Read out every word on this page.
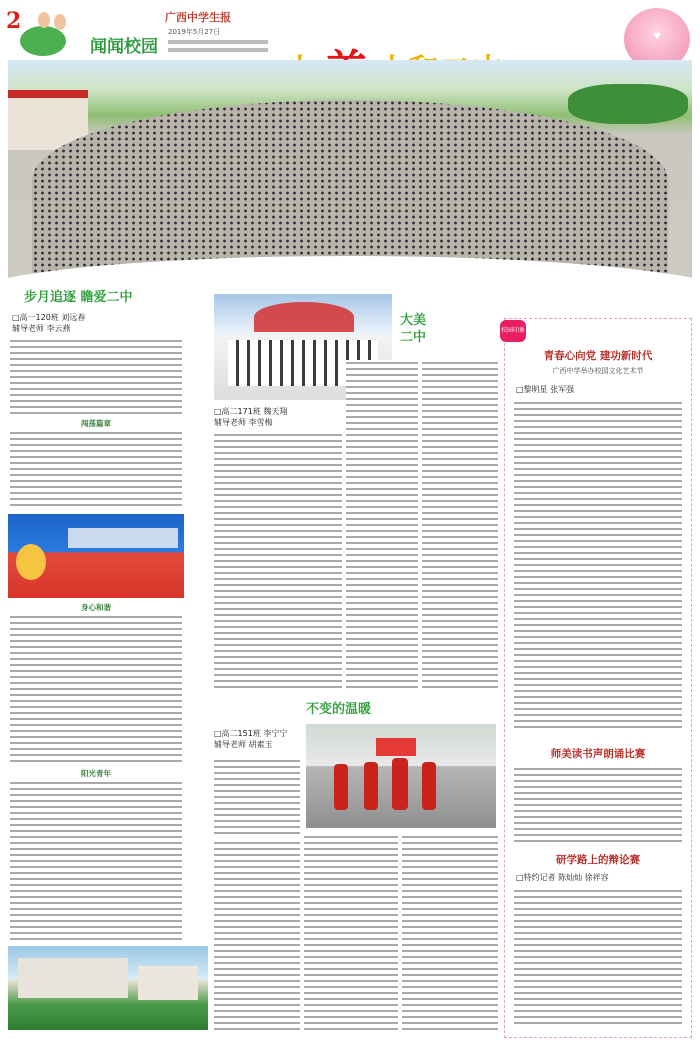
2
闻闻校园
广西中学生报
2019年5月27日	♥
步月追逐 瞻爱二中
□高一120班 刘远春
辅导老师 李云燕
闯荡篇章
身心和谐
阳光青年
大美
二中
□高二171班 魏天翔
辅导老师 李雪梅
不变的温暖
□高二151班 李宁宁
辅导老师 胡素玉
校园印象
青春心向党 建功新时代
广西中学举办校园文化艺术节
□黎明星 张军强
师美读书声朗诵比赛
研学路上的辩论赛
□特约记者 陈灿灿 徐祥容
